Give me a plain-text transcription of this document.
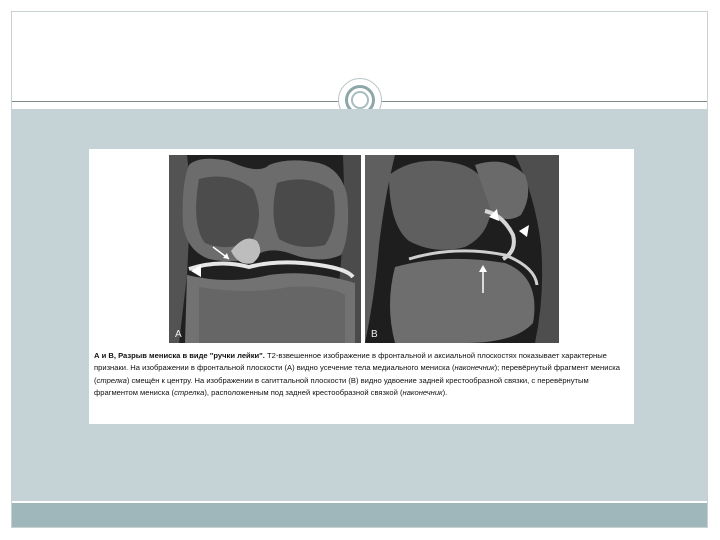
A	B

А и B, Разрыв мениска в виде "ручки лейки". T2-взвешенное изображение в фронтальной и аксиальной плоскостях показывает характерные признаки. На изображении в фронтальной плоскости (A) видно усечение тела медиального мениска (наконечник); перевёрнутый фрагмент мениска (стрелка) смещён к центру. На изображении в сагиттальной плоскости (B) видно удвоение задней крестообразной связки, с перевёрнутым фрагментом мениска (стрелка), расположенным под задней крестообразной связкой (наконечник).
